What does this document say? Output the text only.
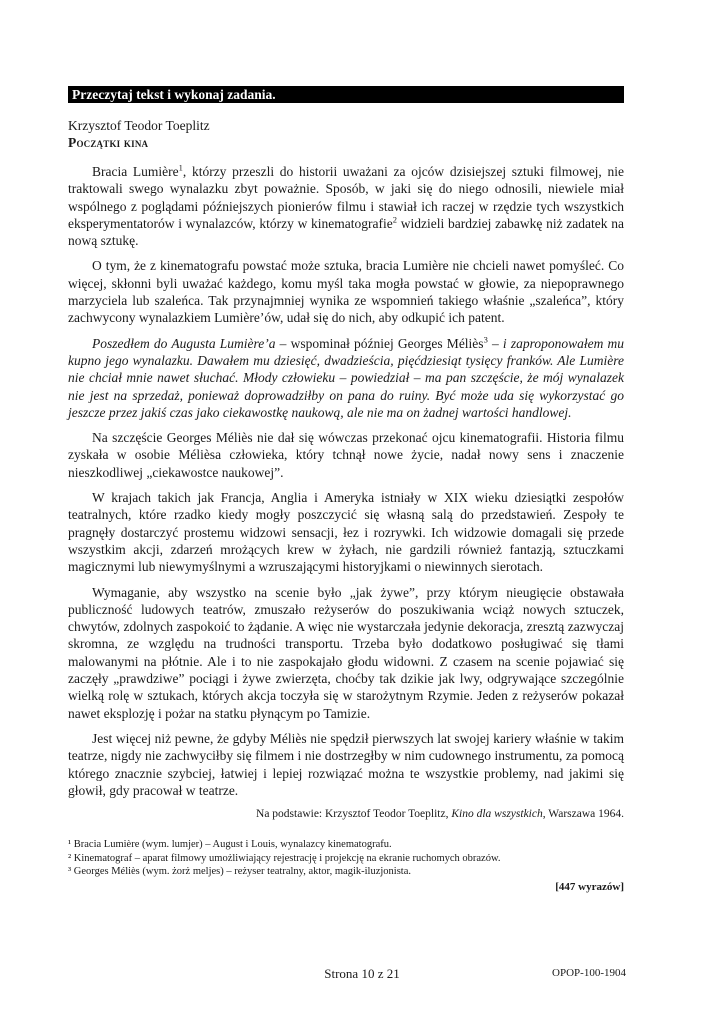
Przeczytaj tekst i wykonaj zadania.
Krzysztof Teodor Toeplitz
Początki kina

Bracia Lumière$^1$, którzy przeszli do historii uważani za ojców dzisiejszej sztuki filmowej, nie traktowali swego wynalazku zbyt poważnie. Sposób, w jaki się do niego odnosili, niewiele miał wspólnego z poglądami późniejszych pionierów filmu i stawiał ich raczej w rzędzie tych wszystkich eksperymentatorów i wynalazców, którzy w kinematografie$^2$ widzieli bardziej zabawkę niż zadatek na nową sztukę.

O tym, że z kinematografu powstać może sztuka, bracia Lumière nie chcieli nawet pomyśleć. Co więcej, skłonni byli uważać każdego, komu myśl taka mogła powstać w głowie, za niepoprawnego marzyciela lub szaleńca. Tak przynajmniej wynika ze wspomnień takiego właśnie „szaleńca”, który zachwycony wynalazkiem Lumière’ów, udał się do nich, aby odkupić ich patent.

Poszedłem do Augusta Lumière’a – wspominał później Georges Méliès$^3$ – i zaproponowałem mu kupno jego wynalazku. Dawałem mu dziesięć, dwadzieścia, pięćdziesiąt tysięcy franków. Ale Lumière nie chciał mnie nawet słuchać. Młody człowieku – powiedział – ma pan szczęście, że mój wynalazek nie jest na sprzedaż, ponieważ doprowadziłby on pana do ruiny. Być może uda się wykorzystać go jeszcze przez jakiś czas jako ciekawostkę naukową, ale nie ma on żadnej wartości handlowej.

Na szczęście Georges Méliès nie dał się wówczas przekonać ojcu kinematografii. Historia filmu zyskała w osobie Mélièsa człowieka, który tchnął nowe życie, nadał nowy sens i znaczenie nieszkodliwej „ciekawostce naukowej”.

W krajach takich jak Francja, Anglia i Ameryka istniały w XIX wieku dziesiątki zespołów teatralnych, które rzadko kiedy mogły poszczycić się własną salą do przedstawień. Zespoły te pragnęły dostarczyć prostemu widzowi sensacji, łez i rozrywki. Ich widzowie domagali się przede wszystkim akcji, zdarzeń mrożących krew w żyłach, nie gardzili również fantazją, sztuczkami magicznymi lub niewymyślnymi a wzruszającymi historyjkami o niewinnych sierotach.

Wymaganie, aby wszystko na scenie było „jak żywe”, przy którym nieugięcie obstawała publiczność ludowych teatrów, zmuszało reżyserów do poszukiwania wciąż nowych sztuczek, chwytów, zdolnych zaspokoić to żądanie. A więc nie wystarczała jedynie dekoracja, zresztą zazwyczaj skromna, ze względu na trudności transportu. Trzeba było dodatkowo posługiwać się tłami malowanymi na płótnie. Ale i to nie zaspokajało głodu widowni. Z czasem na scenie pojawiać się zaczęły „prawdziwe” pociągi i żywe zwierzęta, choćby tak dzikie jak lwy, odgrywające szczególnie wielką rolę w sztukach, których akcja toczyła się w starożytnym Rzymie. Jeden z reżyserów pokazał nawet eksplozję i pożar na statku płynącym po Tamizie.

Jest więcej niż pewne, że gdyby Méliès nie spędził pierwszych lat swojej kariery właśnie w takim teatrze, nigdy nie zachwyciłby się filmem i nie dostrzegłby w nim cudownego instrumentu, za pomocą którego znacznie szybciej, łatwiej i lepiej rozwiązać można te wszystkie problemy, nad jakimi się głowił, gdy pracował w teatrze.

Na podstawie: Krzysztof Teodor Toeplitz, Kino dla wszystkich, Warszawa 1964.
¹ Bracia Lumière (wym. lumjer) – August i Louis, wynalazcy kinematografu.
² Kinematograf – aparat filmowy umożliwiający rejestrację i projekcję na ekranie ruchomych obrazów.
³ Georges Méliès (wym. żorż meljes) – reżyser teatralny, aktor, magik-iluzjonista.
[447 wyrazów]
Strona 10 z 21	OPOP-100-1904
